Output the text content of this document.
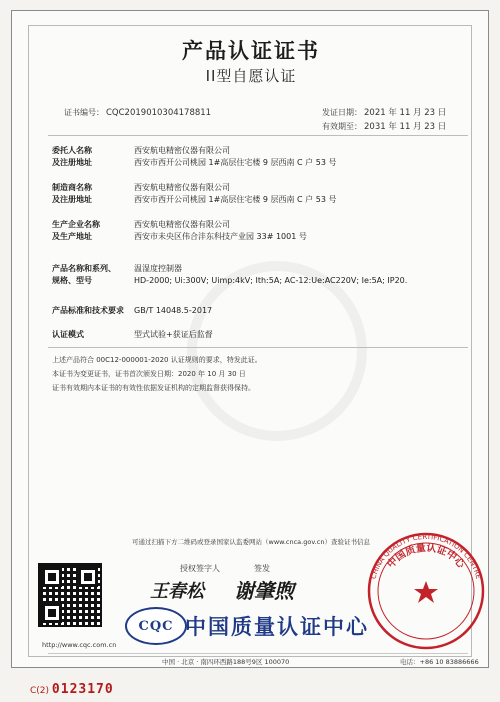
产品认证证书
II型自愿认证
证书编号： CQC2019010304178811	发证日期： 2021 年 11 月 23 日
有效期至： 2031 年 11 月 23 日
委托人名称	西安航电精密仪器有限公司
及注册地址	西安市西开公司桃园 1#高层住宅楼 9 层西南 C 户 53 号
制造商名称	西安航电精密仪器有限公司
及注册地址	西安市西开公司桃园 1#高层住宅楼 9 层西南 C 户 53 号
生产企业名称	西安航电精密仪器有限公司
及生产地址	西安市未央区伟合沣东科技产业园 33# 1001 号
产品名称和系列、 温湿度控制器
规格、型号	HD-2000; Ui:300V; Uimp:4kV; Ith:5A; AC-12:Ue:AC220V; Ie:5A; IP20.
产品标准和技术要求 GB/T 14048.5-2017
认证模式	型式试验+获证后监督
上述产品符合 00C12-000001-2020 认证规则的要求，特发此证。
本证书为变更证书，证书首次颁发日期：2020 年 10 月 30 日
证书有效期内本证书的有效性依据发证机构的定期监督获得保持。
可通过扫描下方二维码或登录国家认监委网站（www.cnca.gov.cn）查验证书信息
授权签字人	签发
王春松 谢肇煦
CQC 中国质量认证中心
CHINA QUALITY CERTIFICATION CENTRE
中国质量认证中心
http://www.cqc.com.cn
中国 · 北京 · 南四环西路188号9区 100070	电话：+86 10 83886666
C(2) 0123170
